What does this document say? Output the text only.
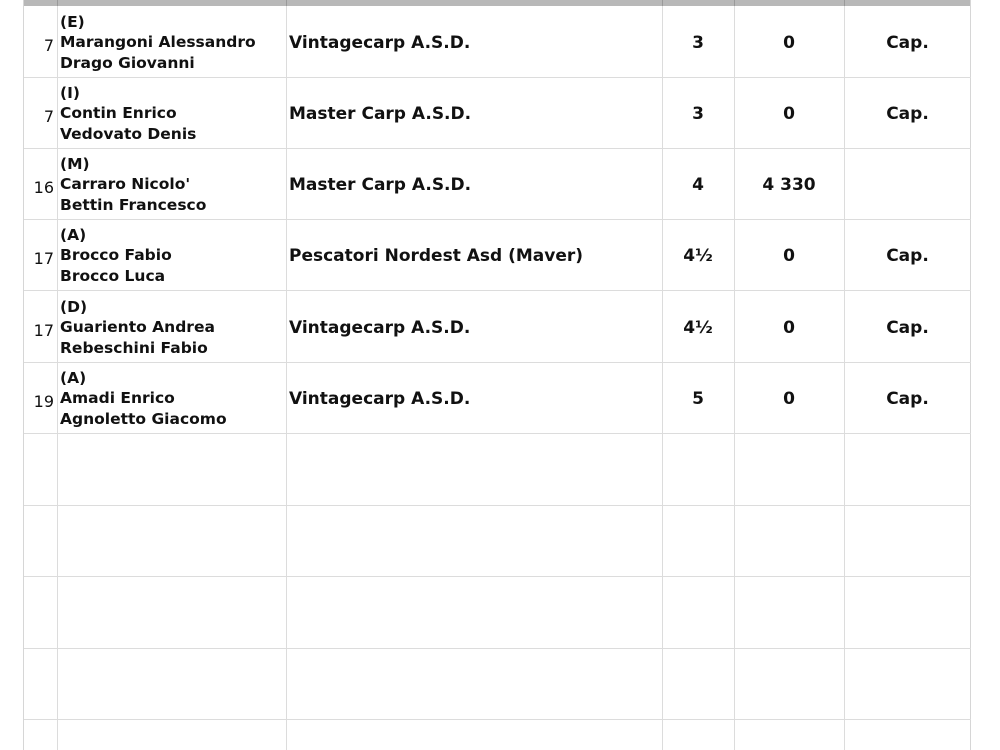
7
(E)
Marangoni Alessandro
Drago Giovanni
Vintagecarp A.S.D.	3	0	Cap.
7
(I)
Contin Enrico
Vedovato Denis
Master Carp A.S.D.	3	0	Cap.
16
(M)
Carraro Nicolo'
Bettin Francesco
Master Carp A.S.D.	4	4 330
17
(A)
Brocco Fabio
Brocco Luca
Pescatori Nordest Asd (Maver)	4½	0	Cap.
17
(D)
Guariento Andrea
Rebeschini Fabio
Vintagecarp A.S.D.	4½	0	Cap.
19
(A)
Amadi Enrico
Agnoletto Giacomo
Vintagecarp A.S.D.	5	0	Cap.
